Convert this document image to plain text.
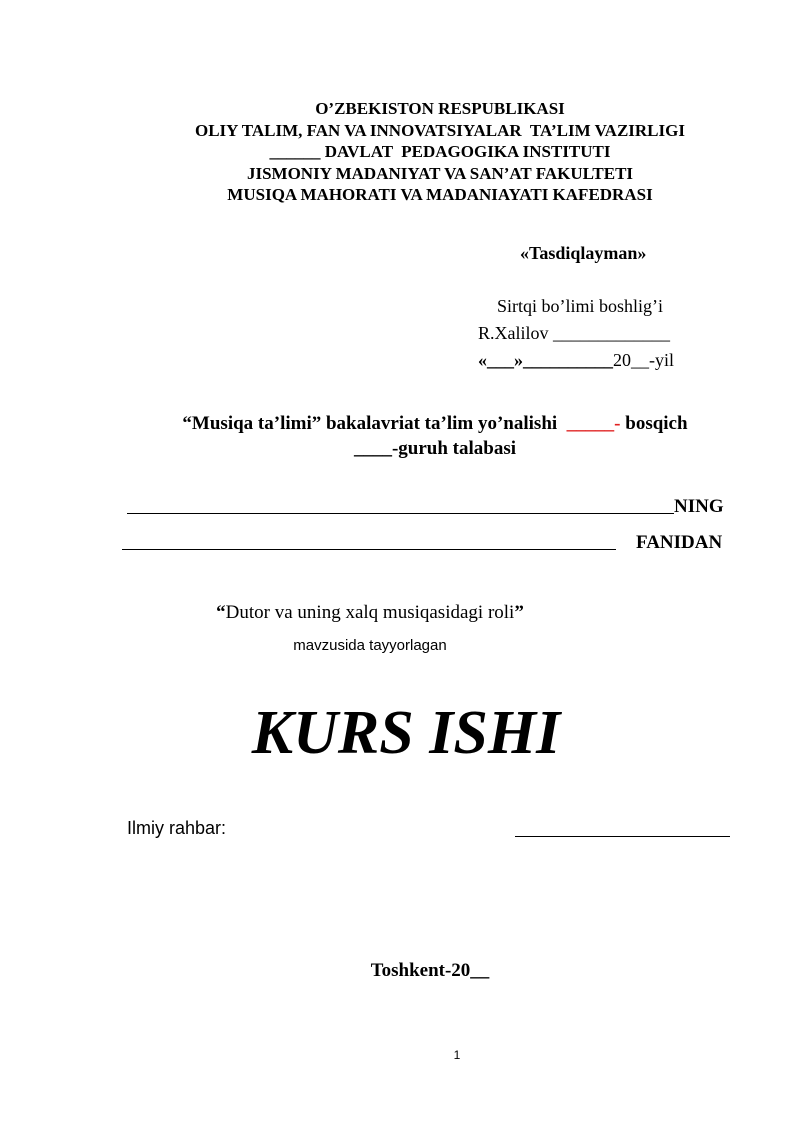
O’ZBEKISTON RESPUBLIKASI
OLIY TALIM, FAN VA INNOVATSIYALAR  TA’LIM VAZIRLIGI
______ DAVLAT  PEDAGOGIKA INSTITUTI
JISMONIY MADANIYAT VA SAN’AT FAKULTETI
MUSIQA MAHORATI VA MADANIAYATI KAFEDRASI
«Tasdiqlayman»
Sirtqi bo’limi boshlig’i
R.Xalilov _____________
«___»__________20__-yil
“Musiqa ta’limi” bakalavriat ta’lim yo’nalishi  _____- bosqich
____-guruh talabasi
NING
FANIDAN
“Dutor va uning xalq musiqasidagi roli”
mavzusida tayyorlagan
KURS ISHI
Ilmiy rahbar:
Toshkent-20__
1
